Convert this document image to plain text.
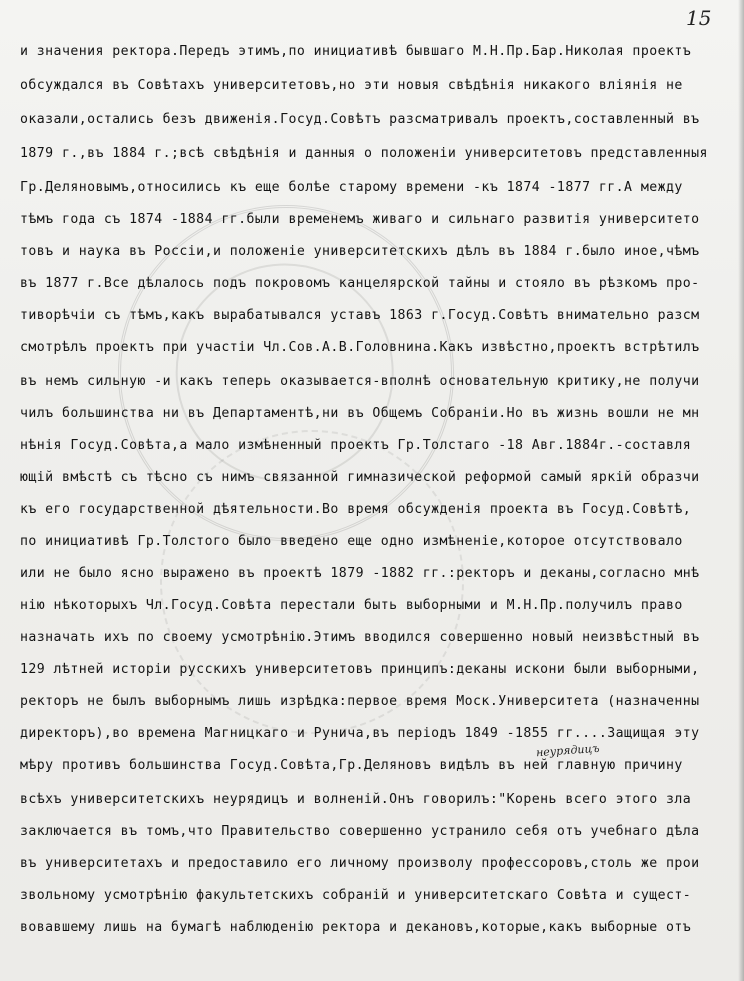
15
и значения ректора.Передъ этимъ,по инициативѣ бывшаго М.Н.Пр.Бар.Николая проектъ
обсуждался въ Совѣтахъ университетовъ,но эти новыя свѣдѣнія никакого вліянія не
оказали,остались безъ движенія.Госуд.Совѣтъ разсматривалъ проектъ,составленный въ
1879 г.,въ 1884 г.;всѣ свѣдѣнія и данныя о положеніи университетовъ представленныя
Гр.Деляновымъ,относились къ еще болѣе старому времени -къ 1874 -1877 гг.А между
тѣмъ года съ 1874 -1884 гг.были временемъ живаго и сильнаго развитія университето
товъ и наука въ Россіи,и положеніе университетскихъ дѣлъ въ 1884 г.было иное,чѣмъ
въ 1877 г.Все дѣлалось подъ покровомъ канцелярской тайны и стояло въ рѣзкомъ про-
тиворѣчіи съ тѣмъ,какъ вырабатывался уставъ 1863 г.Госуд.Совѣтъ внимательно разсм
смотрѣлъ проектъ при участіи Чл.Сов.А.В.Головнина.Какъ извѣстно,проектъ встрѣтилъ
въ немъ сильную -и какъ теперь оказывается-вполнѣ основательную критику,не получи
чилъ большинства ни въ Департаментѣ,ни въ Общемъ Собраніи.Но въ жизнь вошли не мн
нѣнія Госуд.Совѣта,а мало измѣненный проектъ Гр.Толстаго -18 Авг.1884г.-составля
ющій вмѣстѣ съ тѣсно съ нимъ связанной гимназической реформой самый яркій образчи
къ его государственной дѣятельности.Во время обсужденія проекта въ Госуд.Совѣтѣ,
по инициативѣ Гр.Толстого было введено еще одно измѣненіе,которое отсутствовало
или не было ясно выражено въ проектѣ 1879 -1882 гг.:ректоръ и деканы,согласно мнѣ
нію нѣкоторыхъ Чл.Госуд.Совѣта перестали быть выборными и М.Н.Пр.получилъ право
назначать ихъ по своему усмотрѣнію.Этимъ вводился совершенно новый неизвѣстный въ
129 лѣтней исторіи русскихъ университетовъ принципъ:деканы искони были выборными,
ректоръ не былъ выборнымъ лишь изрѣдка:первое время Моск.Университета (назначенны
директоръ),во времена Магницкаго и Рунича,въ періодъ 1849 -1855 гг....Защищая эту
мѣру противъ большинства Госуд.Совѣта,Гр.Деляновъ видѣлъ въ ней главную причину
всѣхъ университетскихъ неурядицъ и волненій.Онъ говорилъ:"Корень всего этого зла
заключается въ томъ,что Правительство совершенно устранило себя отъ учебнаго дѣла
въ университетахъ и предоставило его личному произволу профессоровъ,столь же прои
звольному усмотрѣнію факультетскихъ собраній и университетскаго Совѣта и сущест-
вовавшему лишь на бумагѣ наблюденію ректора и декановъ,которые,какъ выборные отъ
неурядицъ
